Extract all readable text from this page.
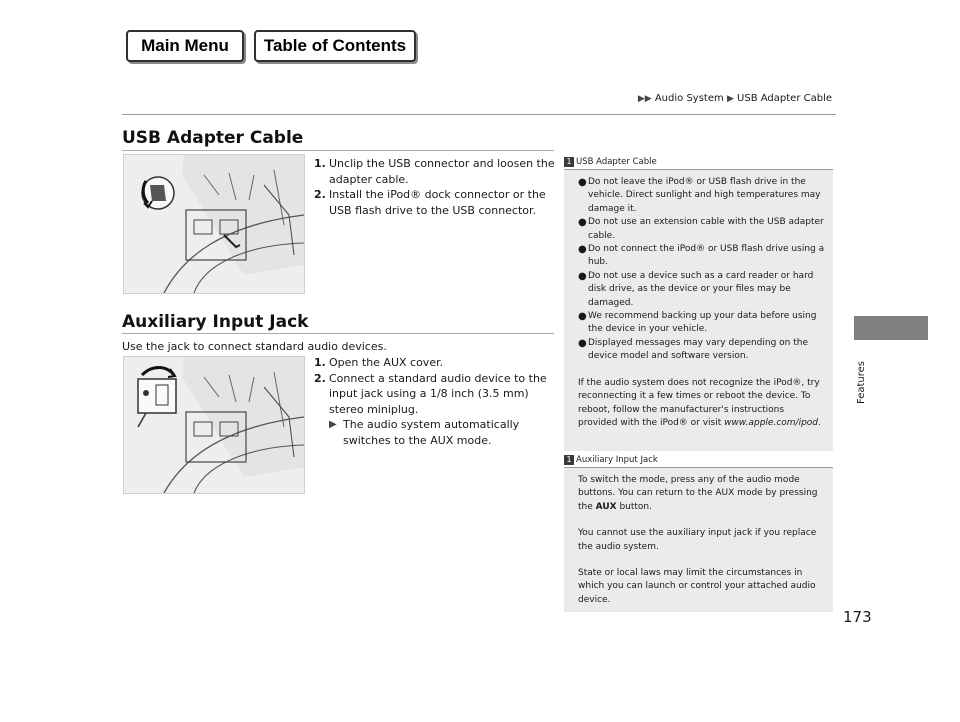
Main Menu	Table of Contents
▶▶ Audio System ▶ USB Adapter Cable
Features
USB Adapter Cable
1. Unclip the USB connector and loosen the adapter cable.
2. Install the iPod® dock connector or the USB flash drive to the USB connector.
Auxiliary Input Jack
Use the jack to connect standard audio devices.
1. Open the AUX cover.
2. Connect a standard audio device to the input jack using a 1/8 inch (3.5 mm) stereo miniplug.
▶ The audio system automatically switches to the AUX mode.
1 USB Adapter Cable
● Do not leave the iPod® or USB flash drive in the vehicle. Direct sunlight and high temperatures may damage it.
● Do not use an extension cable with the USB adapter cable.
● Do not connect the iPod® or USB flash drive using a hub.
● Do not use a device such as a card reader or hard disk drive, as the device or your files may be damaged.
● We recommend backing up your data before using the device in your vehicle.
● Displayed messages may vary depending on the device model and software version.

If the audio system does not recognize the iPod®, try reconnecting it a few times or reboot the device. To reboot, follow the manufacturer's instructions provided with the iPod® or visit www.apple.com/ipod.

1 Auxiliary Input Jack

To switch the mode, press any of the audio mode buttons. You can return to the AUX mode by pressing the AUX button.

You cannot use the auxiliary input jack if you replace the audio system.

State or local laws may limit the circumstances in which you can launch or control your attached audio device.

173
